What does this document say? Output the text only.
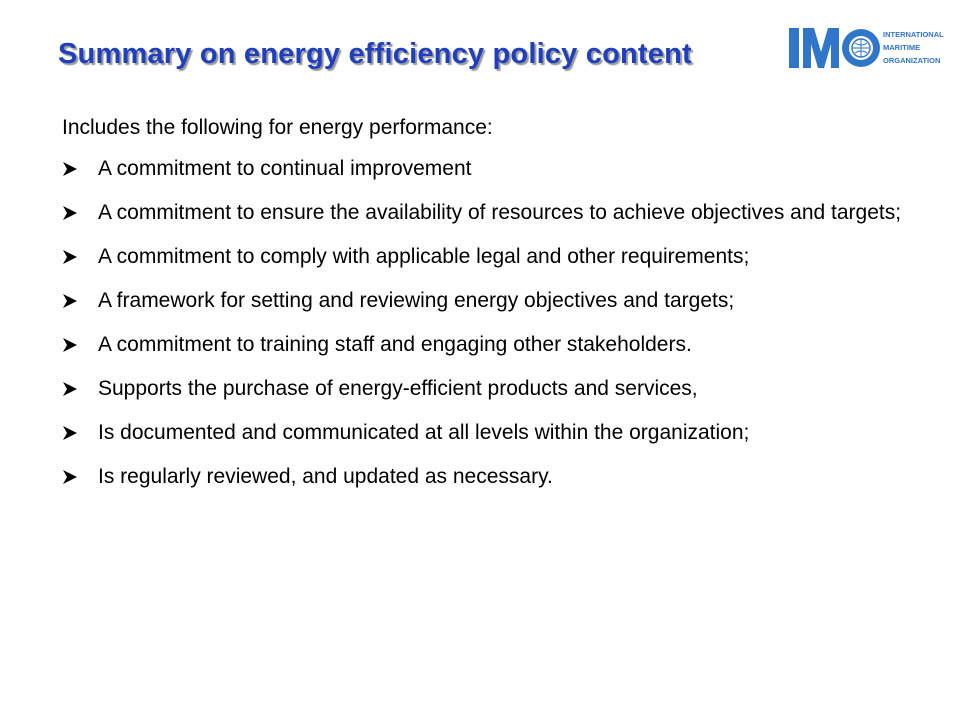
Summary on energy efficiency policy content
INTERNATIONAL
MARITIME
ORGANIZATION

Includes the following for energy performance:

A commitment to continual improvement
A commitment to ensure the availability of resources to achieve objectives and targets;
A commitment to comply with applicable legal and other requirements;
A framework for setting and reviewing energy objectives and targets;
A commitment to training staff and engaging other stakeholders.
Supports the purchase of energy-efficient products and services,
Is documented and communicated at all levels within the organization;
Is regularly reviewed, and updated as necessary.
